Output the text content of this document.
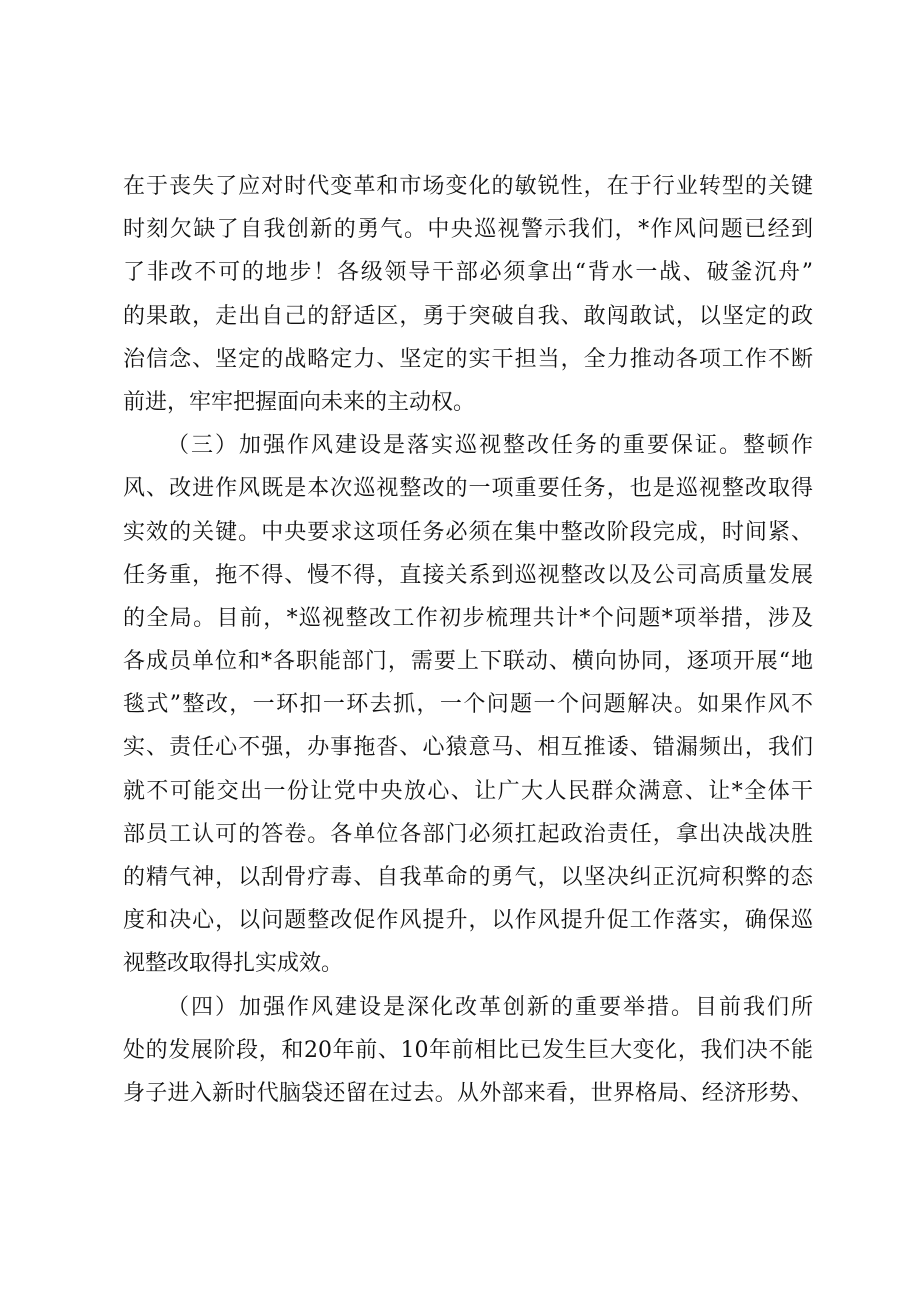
在于丧失了应对时代变革和市场变化的敏锐性，在于行业转型的关键
时刻欠缺了自我创新的勇气。中央巡视警示我们，*作风问题已经到
了非改不可的地步！各级领导干部必须拿出“背水一战、破釜沉舟”
的果敢，走出自己的舒适区，勇于突破自我、敢闯敢试，以坚定的政
治信念、坚定的战略定力、坚定的实干担当，全力推动各项工作不断
前进，牢牢把握面向未来的主动权。
（三）加强作风建设是落实巡视整改任务的重要保证。整顿作
风、改进作风既是本次巡视整改的一项重要任务，也是巡视整改取得
实效的关键。中央要求这项任务必须在集中整改阶段完成，时间紧、
任务重，拖不得、慢不得，直接关系到巡视整改以及公司高质量发展
的全局。目前，*巡视整改工作初步梳理共计*个问题*项举措，涉及
各成员单位和*各职能部门，需要上下联动、横向协同，逐项开展“地
毯式”整改，一环扣一环去抓，一个问题一个问题解决。如果作风不
实、责任心不强，办事拖沓、心猿意马、相互推诿、错漏频出，我们
就不可能交出一份让党中央放心、让广大人民群众满意、让*全体干
部员工认可的答卷。各单位各部门必须扛起政治责任，拿出决战决胜
的精气神，以刮骨疗毒、自我革命的勇气，以坚决纠正沉疴积弊的态
度和决心，以问题整改促作风提升，以作风提升促工作落实，确保巡
视整改取得扎实成效。
（四）加强作风建设是深化改革创新的重要举措。目前我们所
处的发展阶段，和20年前、10年前相比已发生巨大变化，我们决不能
身子进入新时代脑袋还留在过去。从外部来看，世界格局、经济形势、
